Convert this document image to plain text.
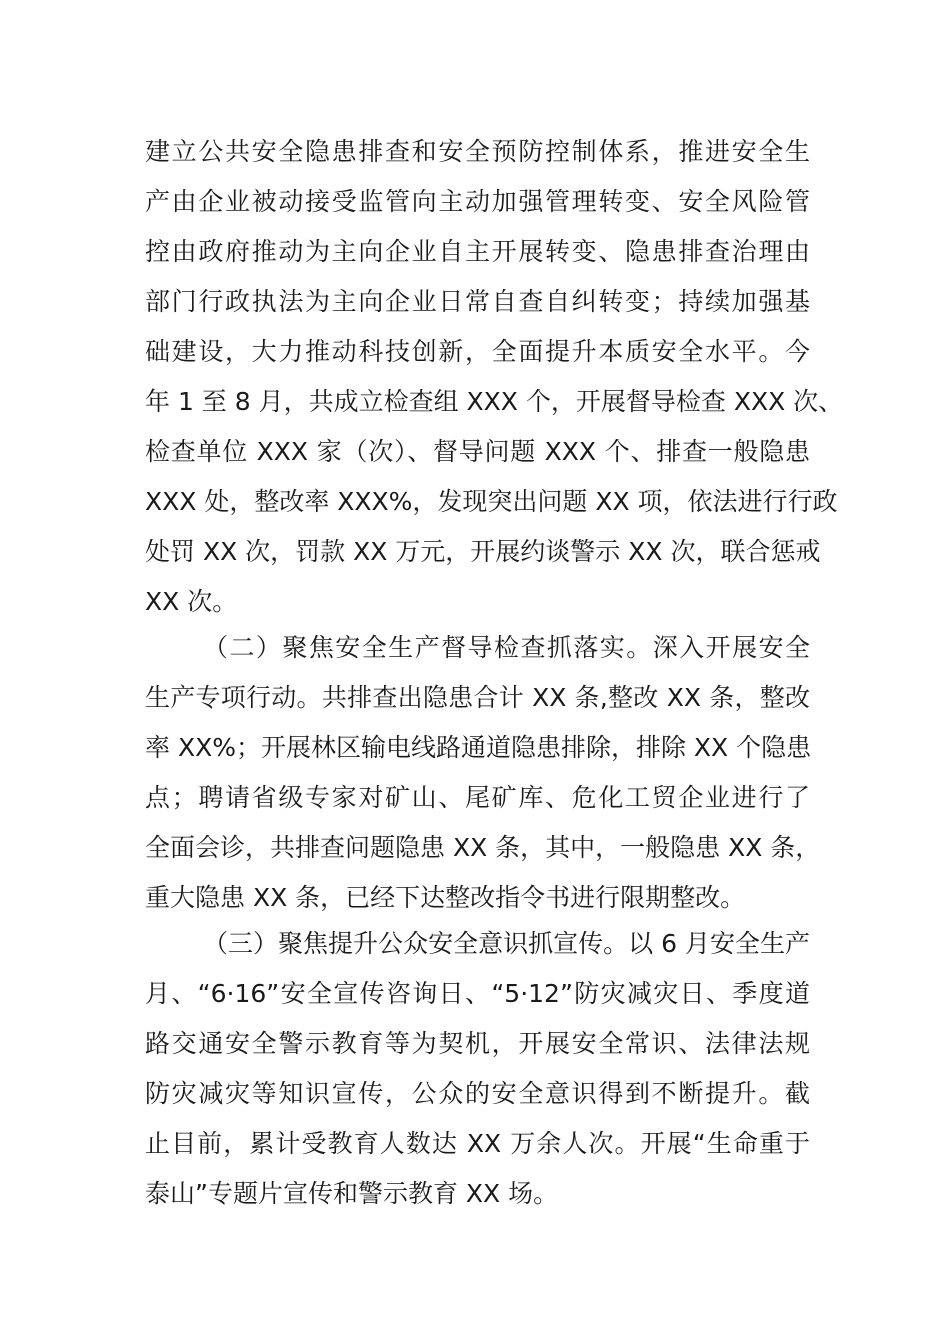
建立公共安全隐患排查和安全预防控制体系，推进安全生
产由企业被动接受监管向主动加强管理转变、安全风险管
控由政府推动为主向企业自主开展转变、隐患排查治理由
部门行政执法为主向企业日常自查自纠转变；持续加强基
础建设，大力推动科技创新，全面提升本质安全水平。今
年 1 至 8 月，共成立检查组 XXX 个，开展督导检查 XXX 次、
检查单位 XXX 家（次）、督导问题 XXX 个、排查一般隐患
XXX 处，整改率 XXX%，发现突出问题 XX 项，依法进行行政
处罚 XX 次，罚款 XX 万元，开展约谈警示 XX 次，联合惩戒
XX 次。
（二）聚焦安全生产督导检查抓落实。深入开展安全
生产专项行动。共排查出隐患合计 XX 条,整改 XX 条，整改
率 XX%；开展林区输电线路通道隐患排除，排除 XX 个隐患
点；聘请省级专家对矿山、尾矿库、危化工贸企业进行了
全面会诊，共排查问题隐患 XX 条，其中，一般隐患 XX 条，
重大隐患 XX 条，已经下达整改指令书进行限期整改。
（三）聚焦提升公众安全意识抓宣传。以 6 月安全生产
月、“6·16”安全宣传咨询日、“5·12”防灾减灾日、季度道
路交通安全警示教育等为契机，开展安全常识、法律法规
防灾减灾等知识宣传，公众的安全意识得到不断提升。截
止目前，累计受教育人数达 XX 万余人次。开展“生命重于
泰山”专题片宣传和警示教育 XX 场。
